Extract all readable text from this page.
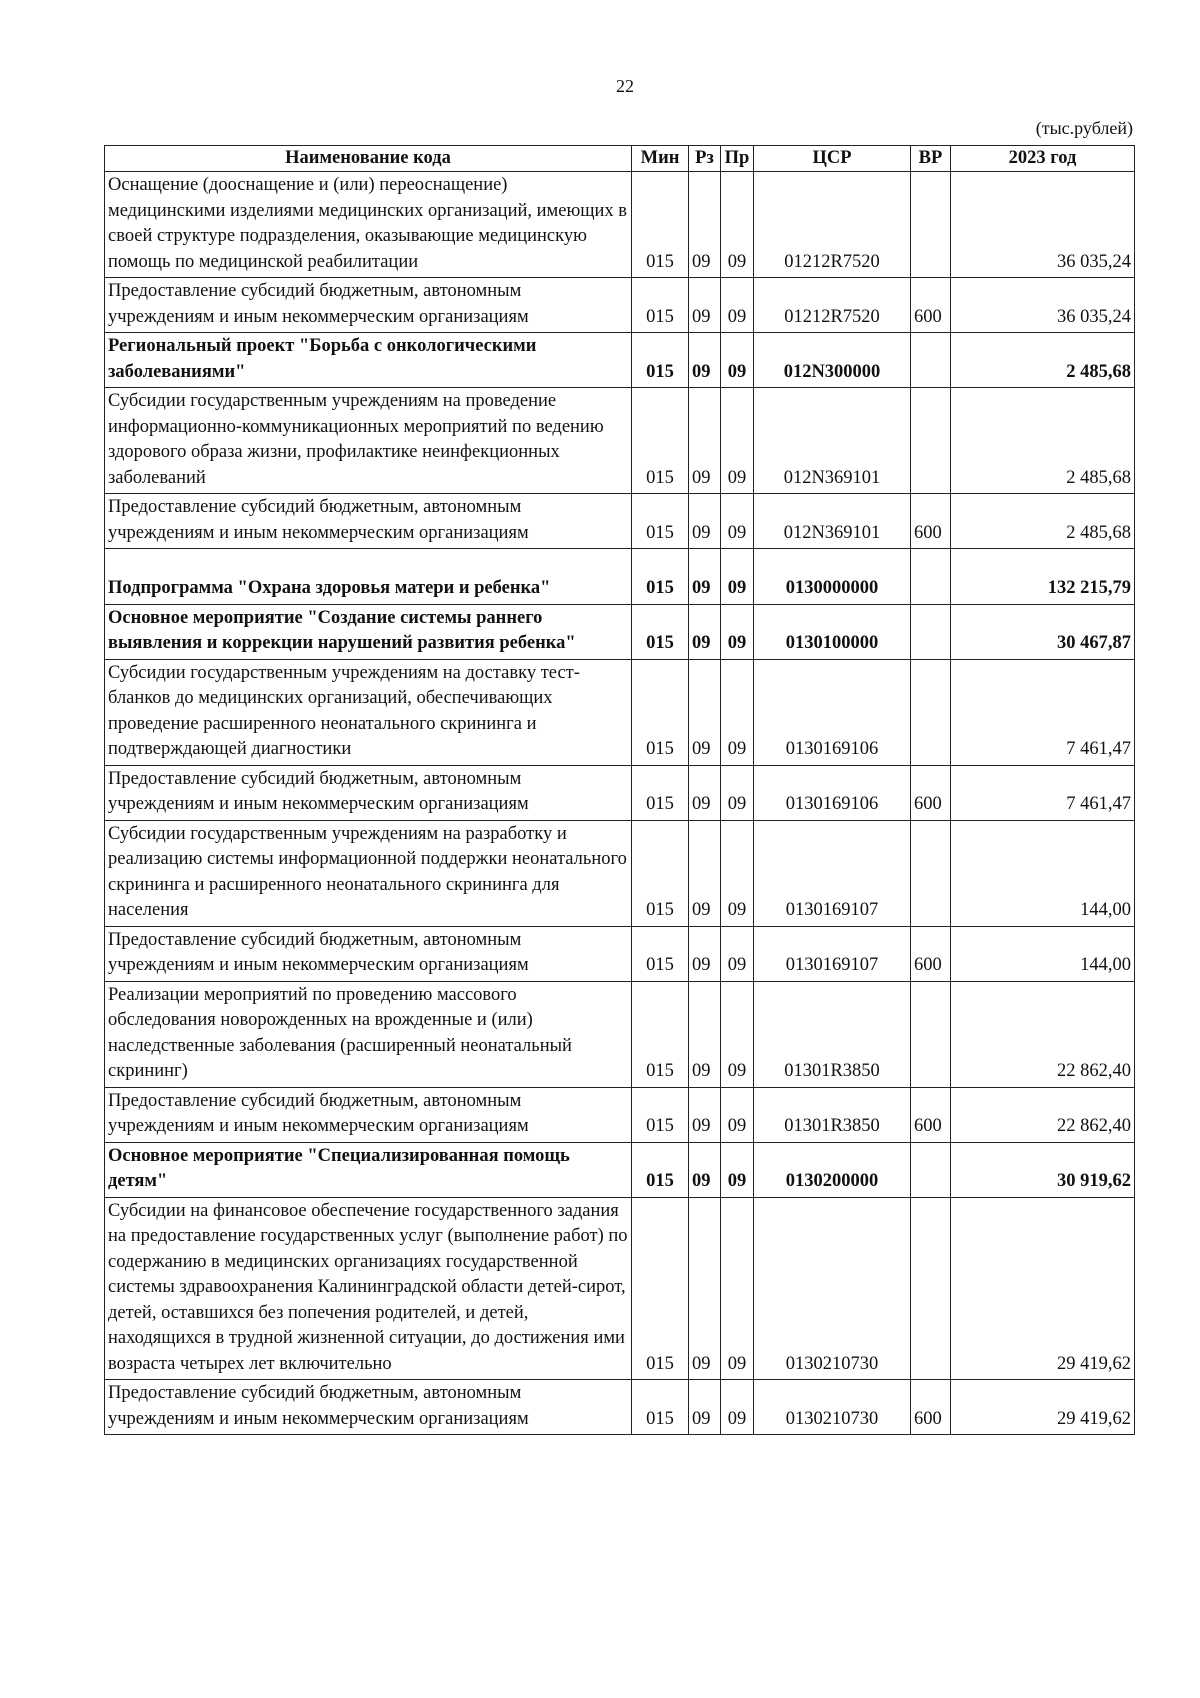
22
(тыс.рублей)
Наименование кода	Мин	Рз	Пр	ЦСР	ВР	2023 год
Оснащение (дооснащение и (или) переоснащение) медицинскими изделиями медицинских организаций, имеющих в своей структуре подразделения, оказывающие медицинскую помощь по медицинской реабилитации	015	09	09	01212R7520		36 035,24
Предоставление субсидий бюджетным, автономным учреждениям и иным некоммерческим организациям	015	09	09	01212R7520	600	36 035,24
Региональный проект "Борьба с онкологическими заболеваниями"	015	09	09	012N300000		2 485,68
Субсидии государственным учреждениям на проведение информационно-коммуникационных мероприятий по ведению здорового образа жизни, профилактике неинфекционных заболеваний	015	09	09	012N369101		2 485,68
Предоставление субсидий бюджетным, автономным учреждениям и иным некоммерческим организациям	015	09	09	012N369101	600	2 485,68
Подпрограмма "Охрана здоровья матери и ребенка"	015	09	09	0130000000		132 215,79
Основное мероприятие "Создание системы раннего выявления и коррекции нарушений развития ребенка"	015	09	09	0130100000		30 467,87
Субсидии государственным учреждениям на доставку тест-бланков до медицинских организаций, обеспечивающих проведение расширенного неонатального скрининга и подтверждающей диагностики	015	09	09	0130169106		7 461,47
Предоставление субсидий бюджетным, автономным учреждениям и иным некоммерческим организациям	015	09	09	0130169106	600	7 461,47
Субсидии государственным учреждениям на разработку и реализацию системы информационной поддержки неонатального скрининга и расширенного неонатального скрининга для населения	015	09	09	0130169107		144,00
Предоставление субсидий бюджетным, автономным учреждениям и иным некоммерческим организациям	015	09	09	0130169107	600	144,00
Реализации мероприятий по проведению массового обследования новорожденных на врожденные и (или) наследственные заболевания (расширенный неонатальный скрининг)	015	09	09	01301R3850		22 862,40
Предоставление субсидий бюджетным, автономным учреждениям и иным некоммерческим организациям	015	09	09	01301R3850	600	22 862,40
Основное мероприятие "Специализированная помощь детям"	015	09	09	0130200000		30 919,62
Субсидии на финансовое обеспечение государственного задания на предоставление государственных услуг (выполнение работ) по содержанию в медицинских организациях государственной системы здравоохранения Калининградской области детей-сирот, детей, оставшихся без попечения родителей, и детей, находящихся в трудной жизненной ситуации, до достижения ими возраста четырех лет включительно	015	09	09	0130210730		29 419,62
Предоставление субсидий бюджетным, автономным учреждениям и иным некоммерческим организациям	015	09	09	0130210730	600	29 419,62
